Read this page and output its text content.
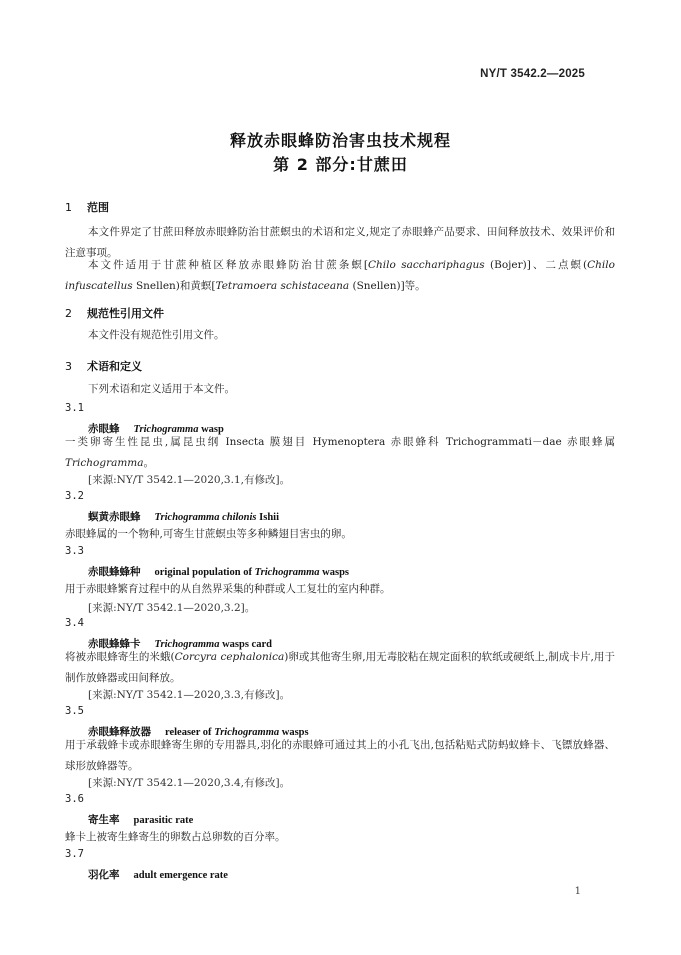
NY/T 3542.2—2025
释放赤眼蜂防治害虫技术规程
第 2 部分:甘蔗田
1 范围
本文件界定了甘蔗田释放赤眼蜂防治甘蔗螟虫的术语和定义,规定了赤眼蜂产品要求、田间释放技术、效果评价和注意事项。
本文件适用于甘蔗种植区释放赤眼蜂防治甘蔗条螟[Chilo sacchariphagus (Bojer)]、二点螟(Chilo infuscatellus Snellen)和黄螟[Tetramoera schistaceana (Snellen)]等。
2 规范性引用文件
本文件没有规范性引用文件。
3 术语和定义
下列术语和定义适用于本文件。
3.1
赤眼蜂 Trichogramma wasp
一类卵寄生性昆虫,属昆虫纲 Insecta 膜翅目 Hymenoptera 赤眼蜂科 Trichogrammati－dae 赤眼蜂属 Trichogramma。
[来源:NY/T 3542.1—2020,3.1,有修改]。
3.2
螟黄赤眼蜂 Trichogramma chilonis Ishii
赤眼蜂属的一个物种,可寄生甘蔗螟虫等多种鳞翅目害虫的卵。
3.3
赤眼蜂蜂种 original population of Trichogramma wasps
用于赤眼蜂繁育过程中的从自然界采集的种群或人工复壮的室内种群。
[来源:NY/T 3542.1—2020,3.2]。
3.4
赤眼蜂蜂卡 Trichogramma wasps card
将被赤眼蜂寄生的米蛾(Corcyra cephalonica)卵或其他寄生卵,用无毒胶粘在规定面积的软纸或硬纸上,制成卡片,用于制作放蜂器或田间释放。
[来源:NY/T 3542.1—2020,3.3,有修改]。
3.5
赤眼蜂释放器 releaser of Trichogramma wasps
用于承载蜂卡或赤眼蜂寄生卵的专用器具,羽化的赤眼蜂可通过其上的小孔飞出,包括粘贴式防蚂蚁蜂卡、飞镖放蜂器、球形放蜂器等。
[来源:NY/T 3542.1—2020,3.4,有修改]。
3.6
寄生率 parasitic rate
蜂卡上被寄生蜂寄生的卵数占总卵数的百分率。
3.7
羽化率 adult emergence rate
1
